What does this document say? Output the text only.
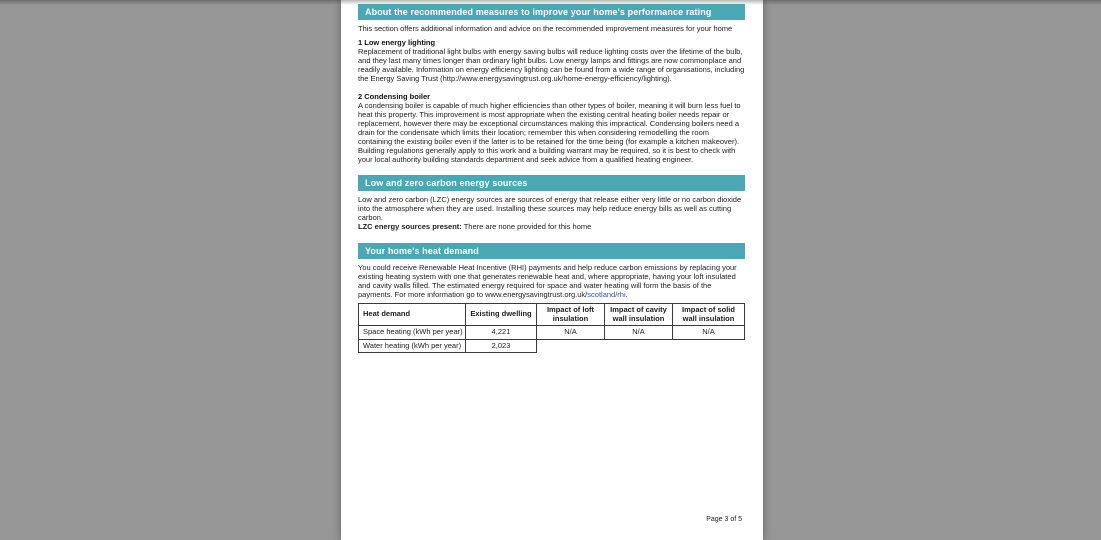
About the recommended measures to improve your home's performance rating
This section offers additional information and advice on the recommended improvement measures for your home
1 Low energy lighting
Replacement of traditional light bulbs with energy saving bulbs will reduce lighting costs over the lifetime of the bulb, and they last many times longer than ordinary light bulbs. Low energy lamps and fittings are now commonplace and readily available. Information on energy efficiency lighting can be found from a wide range of organisations, including the Energy Saving Trust (http://www.energysavingtrust.org.uk/home-energy-efficiency/lighting).
2 Condensing boiler
A condensing boiler is capable of much higher efficiencies than other types of boiler, meaning it will burn less fuel to heat this property. This improvement is most appropriate when the existing central heating boiler needs repair or replacement, however there may be exceptional circumstances making this impractical. Condensing boilers need a drain for the condensate which limits their location; remember this when considering remodelling the room containing the existing boiler even if the latter is to be retained for the time being (for example a kitchen makeover). Building regulations generally apply to this work and a building warrant may be required, so it is best to check with your local authority building standards department and seek advice from a qualified heating engineer.
Low and zero carbon energy sources
Low and zero carbon (LZC) energy sources are sources of energy that release either very little or no carbon dioxide into the atmosphere when they are used. Installing these sources may help reduce energy bills as well as cutting carbon.
LZC energy sources present: There are none provided for this home
Your home's heat demand
You could receive Renewable Heat Incentive (RHI) payments and help reduce carbon emissions by replacing your existing heating system with one that generates renewable heat and, where appropriate, having your loft insulated and cavity walls filled. The estimated energy required for space and water heating will form the basis of the payments. For more information go to www.energysavingtrust.org.uk/scotland/rhi.
Heat demand	Existing dwelling	Impact of loft insulation	Impact of cavity wall insulation	Impact of solid wall insulation
Space heating (kWh per year)	4,221	N/A	N/A	N/A
Water heating (kWh per year)	2,023			
Page 3 of 5
